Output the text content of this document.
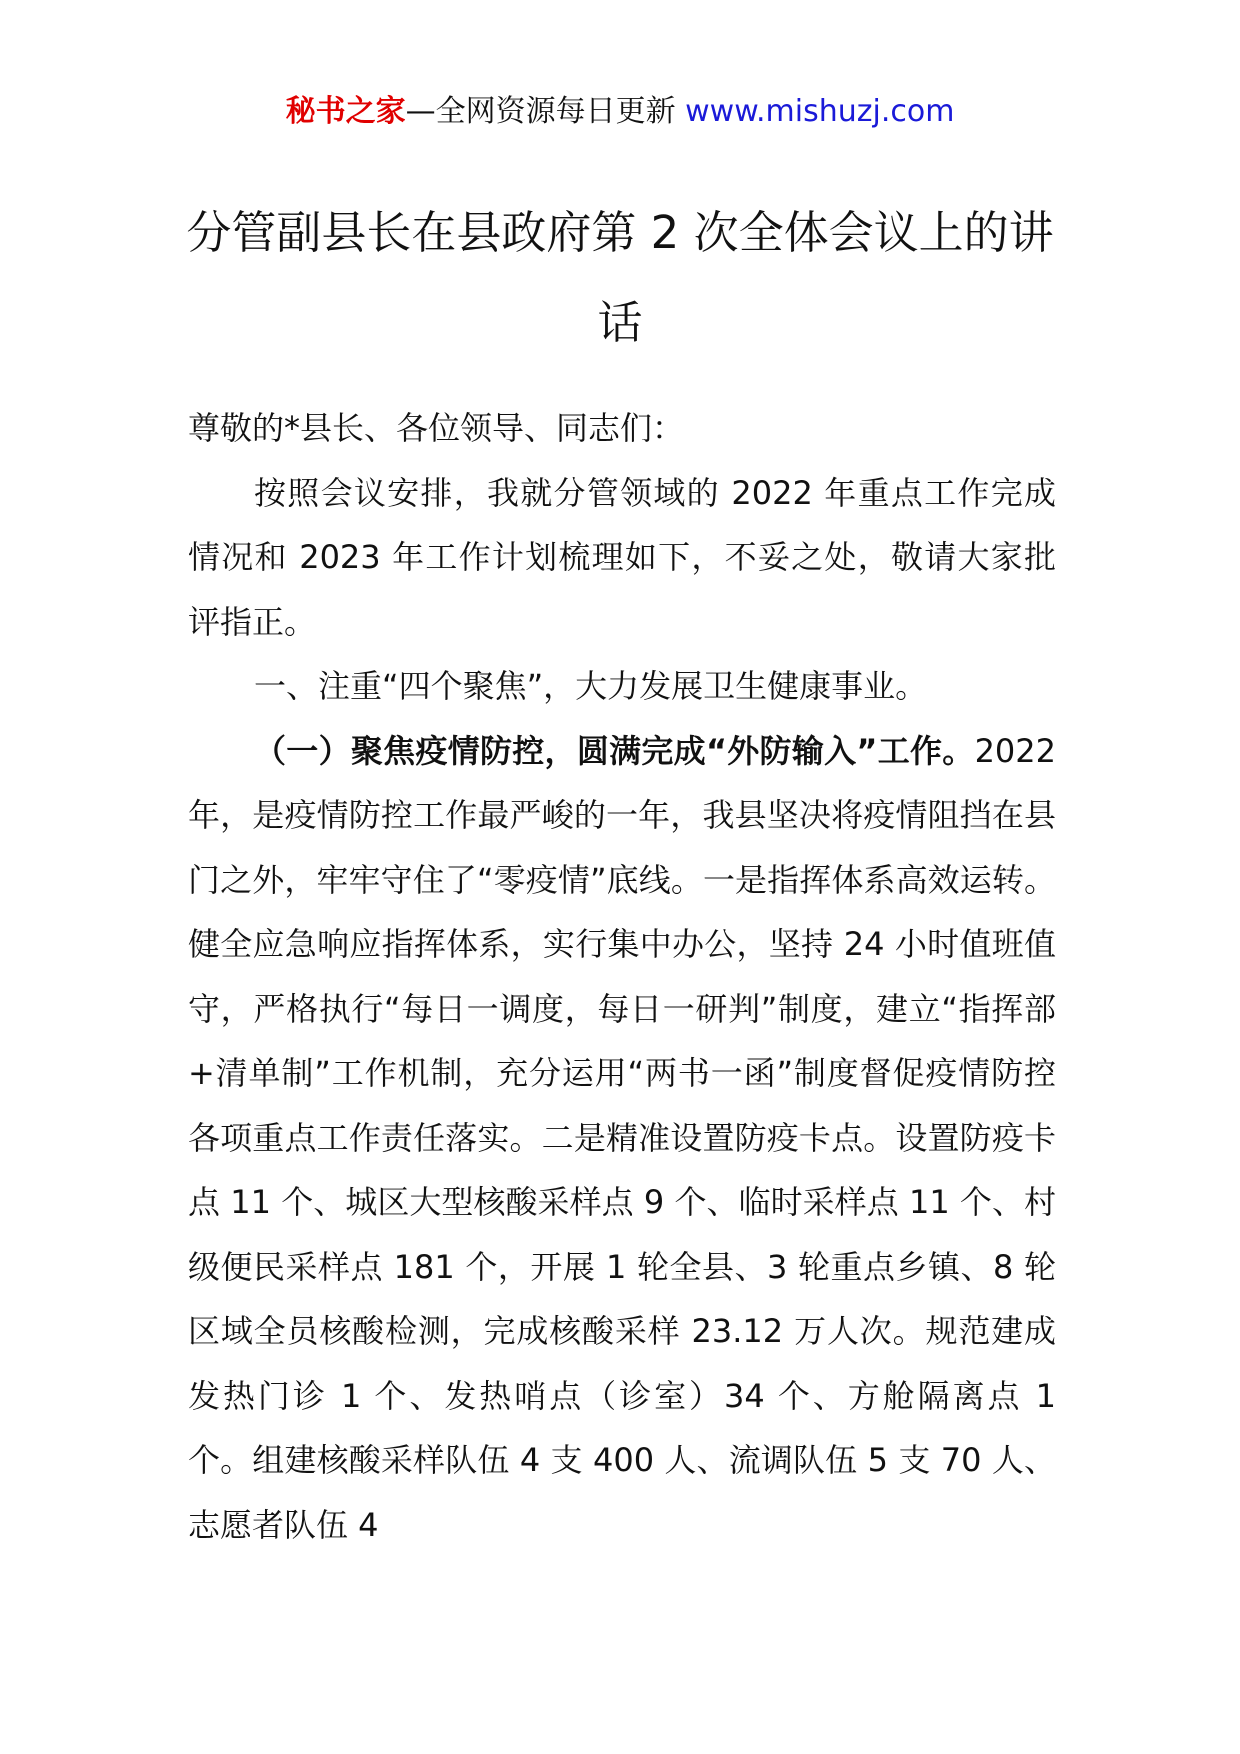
秘书之家—全网资源每日更新 www.mishuzj.com
分管副县长在县政府第 2 次全体会议上的讲话

尊敬的*县长、各位领导、同志们：

按照会议安排，我就分管领域的 2022 年重点工作完成情况和 2023 年工作计划梳理如下，不妥之处，敬请大家批评指正。

一、注重“四个聚焦”，大力发展卫生健康事业。

（一）聚焦疫情防控，圆满完成“外防输入”工作。2022 年，是疫情防控工作最严峻的一年，我县坚决将疫情阻挡在县门之外，牢牢守住了“零疫情”底线。一是指挥体系高效运转。健全应急响应指挥体系，实行集中办公，坚持 24 小时值班值守，严格执行“每日一调度，每日一研判”制度，建立“指挥部+清单制”工作机制，充分运用“两书一函”制度督促疫情防控各项重点工作责任落实。二是精准设置防疫卡点。设置防疫卡点 11 个、城区大型核酸采样点 9 个、临时采样点 11 个、村级便民采样点 181 个，开展 1 轮全县、3 轮重点乡镇、8 轮区域全员核酸检测，完成核酸采样 23.12 万人次。规范建成发热门诊 1 个、发热哨点（诊室）34 个、方舱隔离点 1 个。组建核酸采样队伍 4 支 400 人、流调队伍 5 支 70 人、志愿者队伍 4
